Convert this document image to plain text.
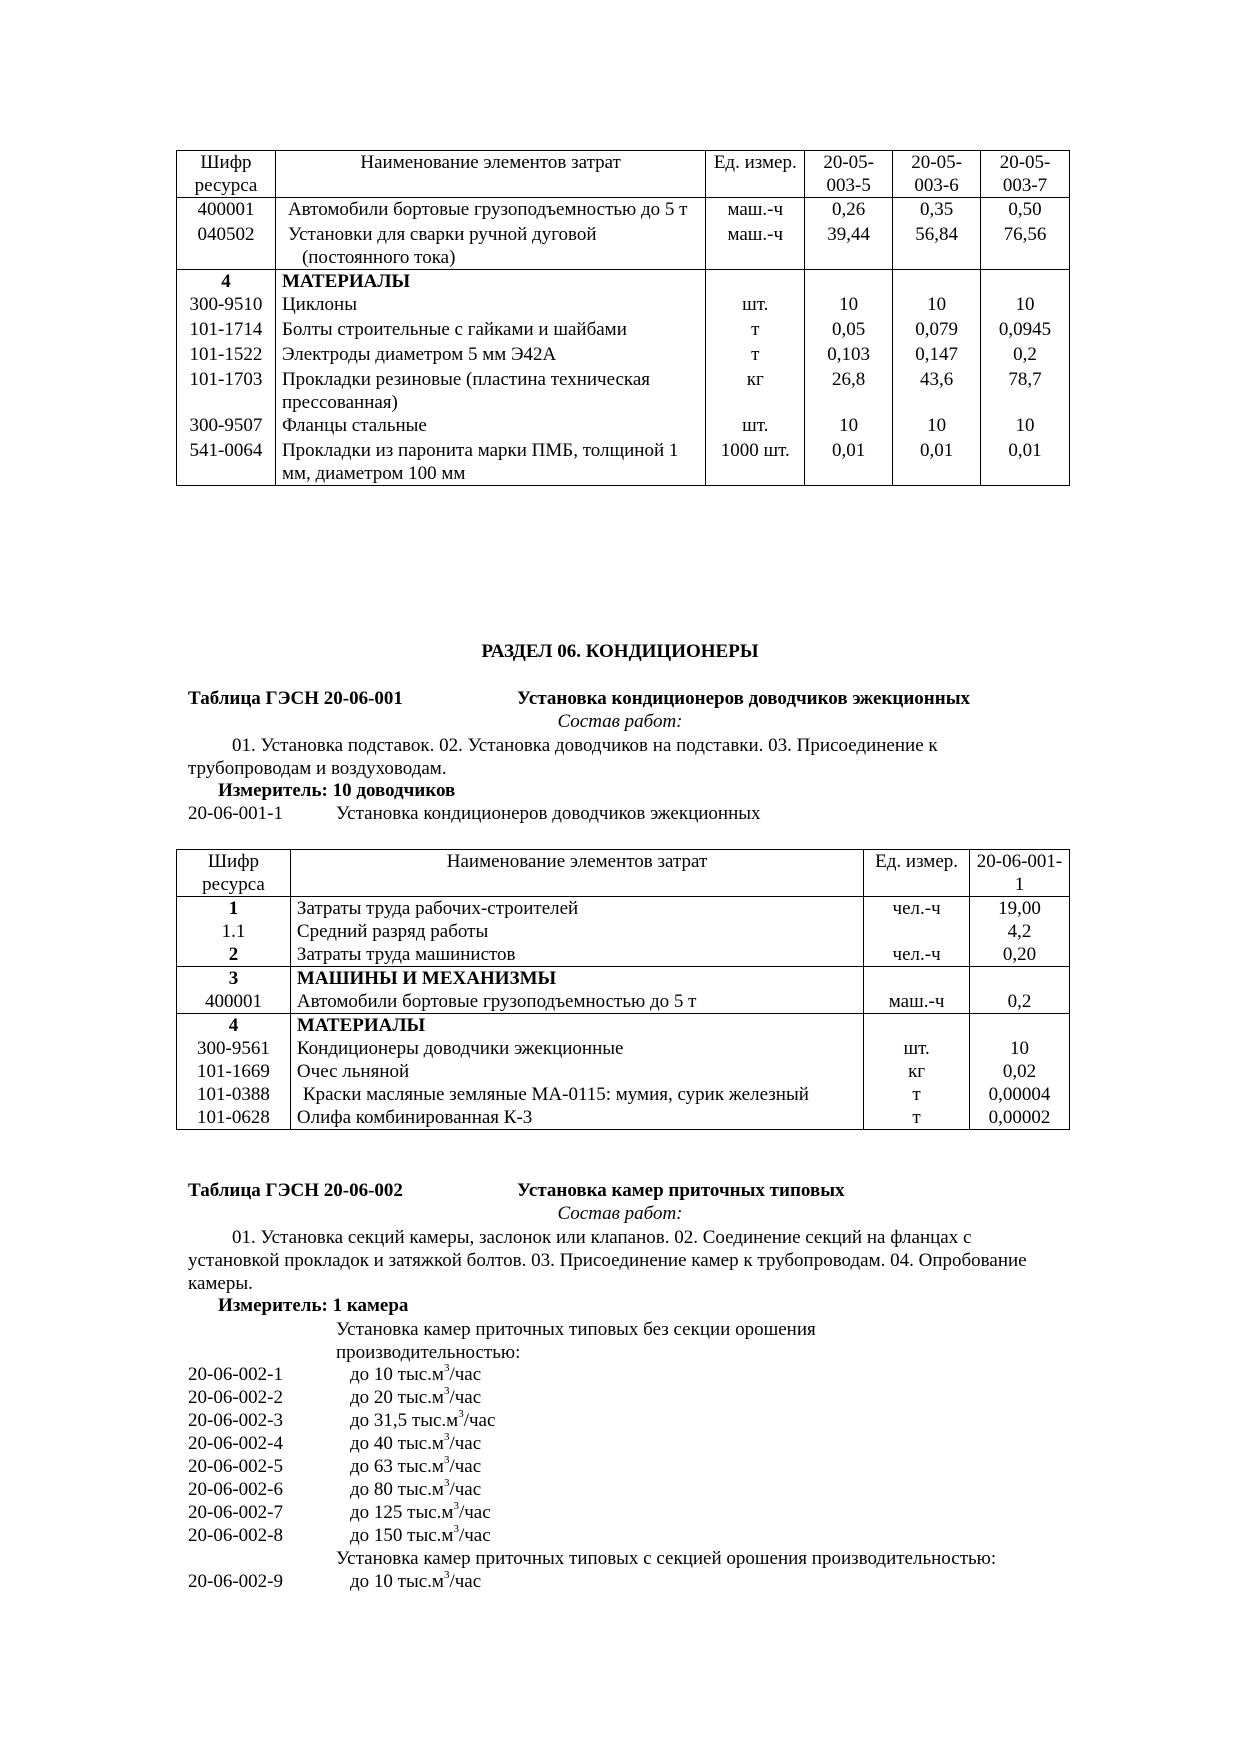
Шифр ресурса	Наименование элементов затрат	Ед. измер.	20-05-003-5	20-05-003-6	20-05-003-7
400001	Автомобили бортовые грузоподъемностью до 5 т	маш.-ч	0,26	0,35	0,50
040502	Установки для сварки ручной дуговой (постоянного тока)	маш.-ч	39,44	56,84	76,56
4	МАТЕРИАЛЫ				
300-9510	Циклоны	шт.	10	10	10
101-1714	Болты строительные с гайками и шайбами	т	0,05	0,079	0,0945
101-1522	Электроды диаметром 5 мм Э42А	т	0,103	0,147	0,2
101-1703	Прокладки резиновые (пластина техническая прессованная)	кг	26,8	43,6	78,7
300-9507	Фланцы стальные	шт.	10	10	10
541-0064	Прокладки из паронита марки ПМБ, толщиной 1 мм, диаметром 100 мм	1000 шт.	0,01	0,01	0,01
РАЗДЕЛ 06. КОНДИЦИОНЕРЫ
Таблица ГЭСН 20-06-001	Установка кондиционеров доводчиков эжекционных
Состав работ:
01. Установка подставок. 02. Установка доводчиков на подставки. 03. Присоединение к трубопроводам и воздуховодам.
Измеритель: 10 доводчиков
20-06-001-1	Установка кондиционеров доводчиков эжекционных
Шифр ресурса	Наименование элементов затрат	Ед. измер.	20-06-001-1
1	Затраты труда рабочих-строителей	чел.-ч	19,00
1.1	Средний разряд работы		4,2
2	Затраты труда машинистов	чел.-ч	0,20
3	МАШИНЫ И МЕХАНИЗМЫ		
400001	Автомобили бортовые грузоподъемностью до 5 т	маш.-ч	0,2
4	МАТЕРИАЛЫ		
300-9561	Кондиционеры доводчики эжекционные	шт.	10
101-1669	Очес льняной	кг	0,02
101-0388	Краски масляные земляные МА-0115: мумия, сурик железный	т	0,00004
101-0628	Олифа комбинированная К-3	т	0,00002
Таблица ГЭСН 20-06-002	Установка камер приточных типовых
Состав работ:
01. Установка секций камеры, заслонок или клапанов. 02. Соединение секций на фланцах с установкой прокладок и затяжкой болтов. 03. Присоединение камер к трубопроводам. 04. Опробование камеры.
Измеритель: 1 камера
Установка камер приточных типовых без секции орошения производительностью:
20-06-002-1	до 10 $тыс.м^3$/час
20-06-002-2	до 20 $тыс.м^3$/час
20-06-002-3	до 31,5 $тыс.м^3$/час
20-06-002-4	до 40 $тыс.м^3$/час
20-06-002-5	до 63 $тыс.м^3$/час
20-06-002-6	до 80 $тыс.м^3$/час
20-06-002-7	до 125 $тыс.м^3$/час
20-06-002-8	до 150 $тыс.м^3$/час
Установка камер приточных типовых с секцией орошения производительностью:
20-06-002-9	до 10 $тыс.м^3$/час
